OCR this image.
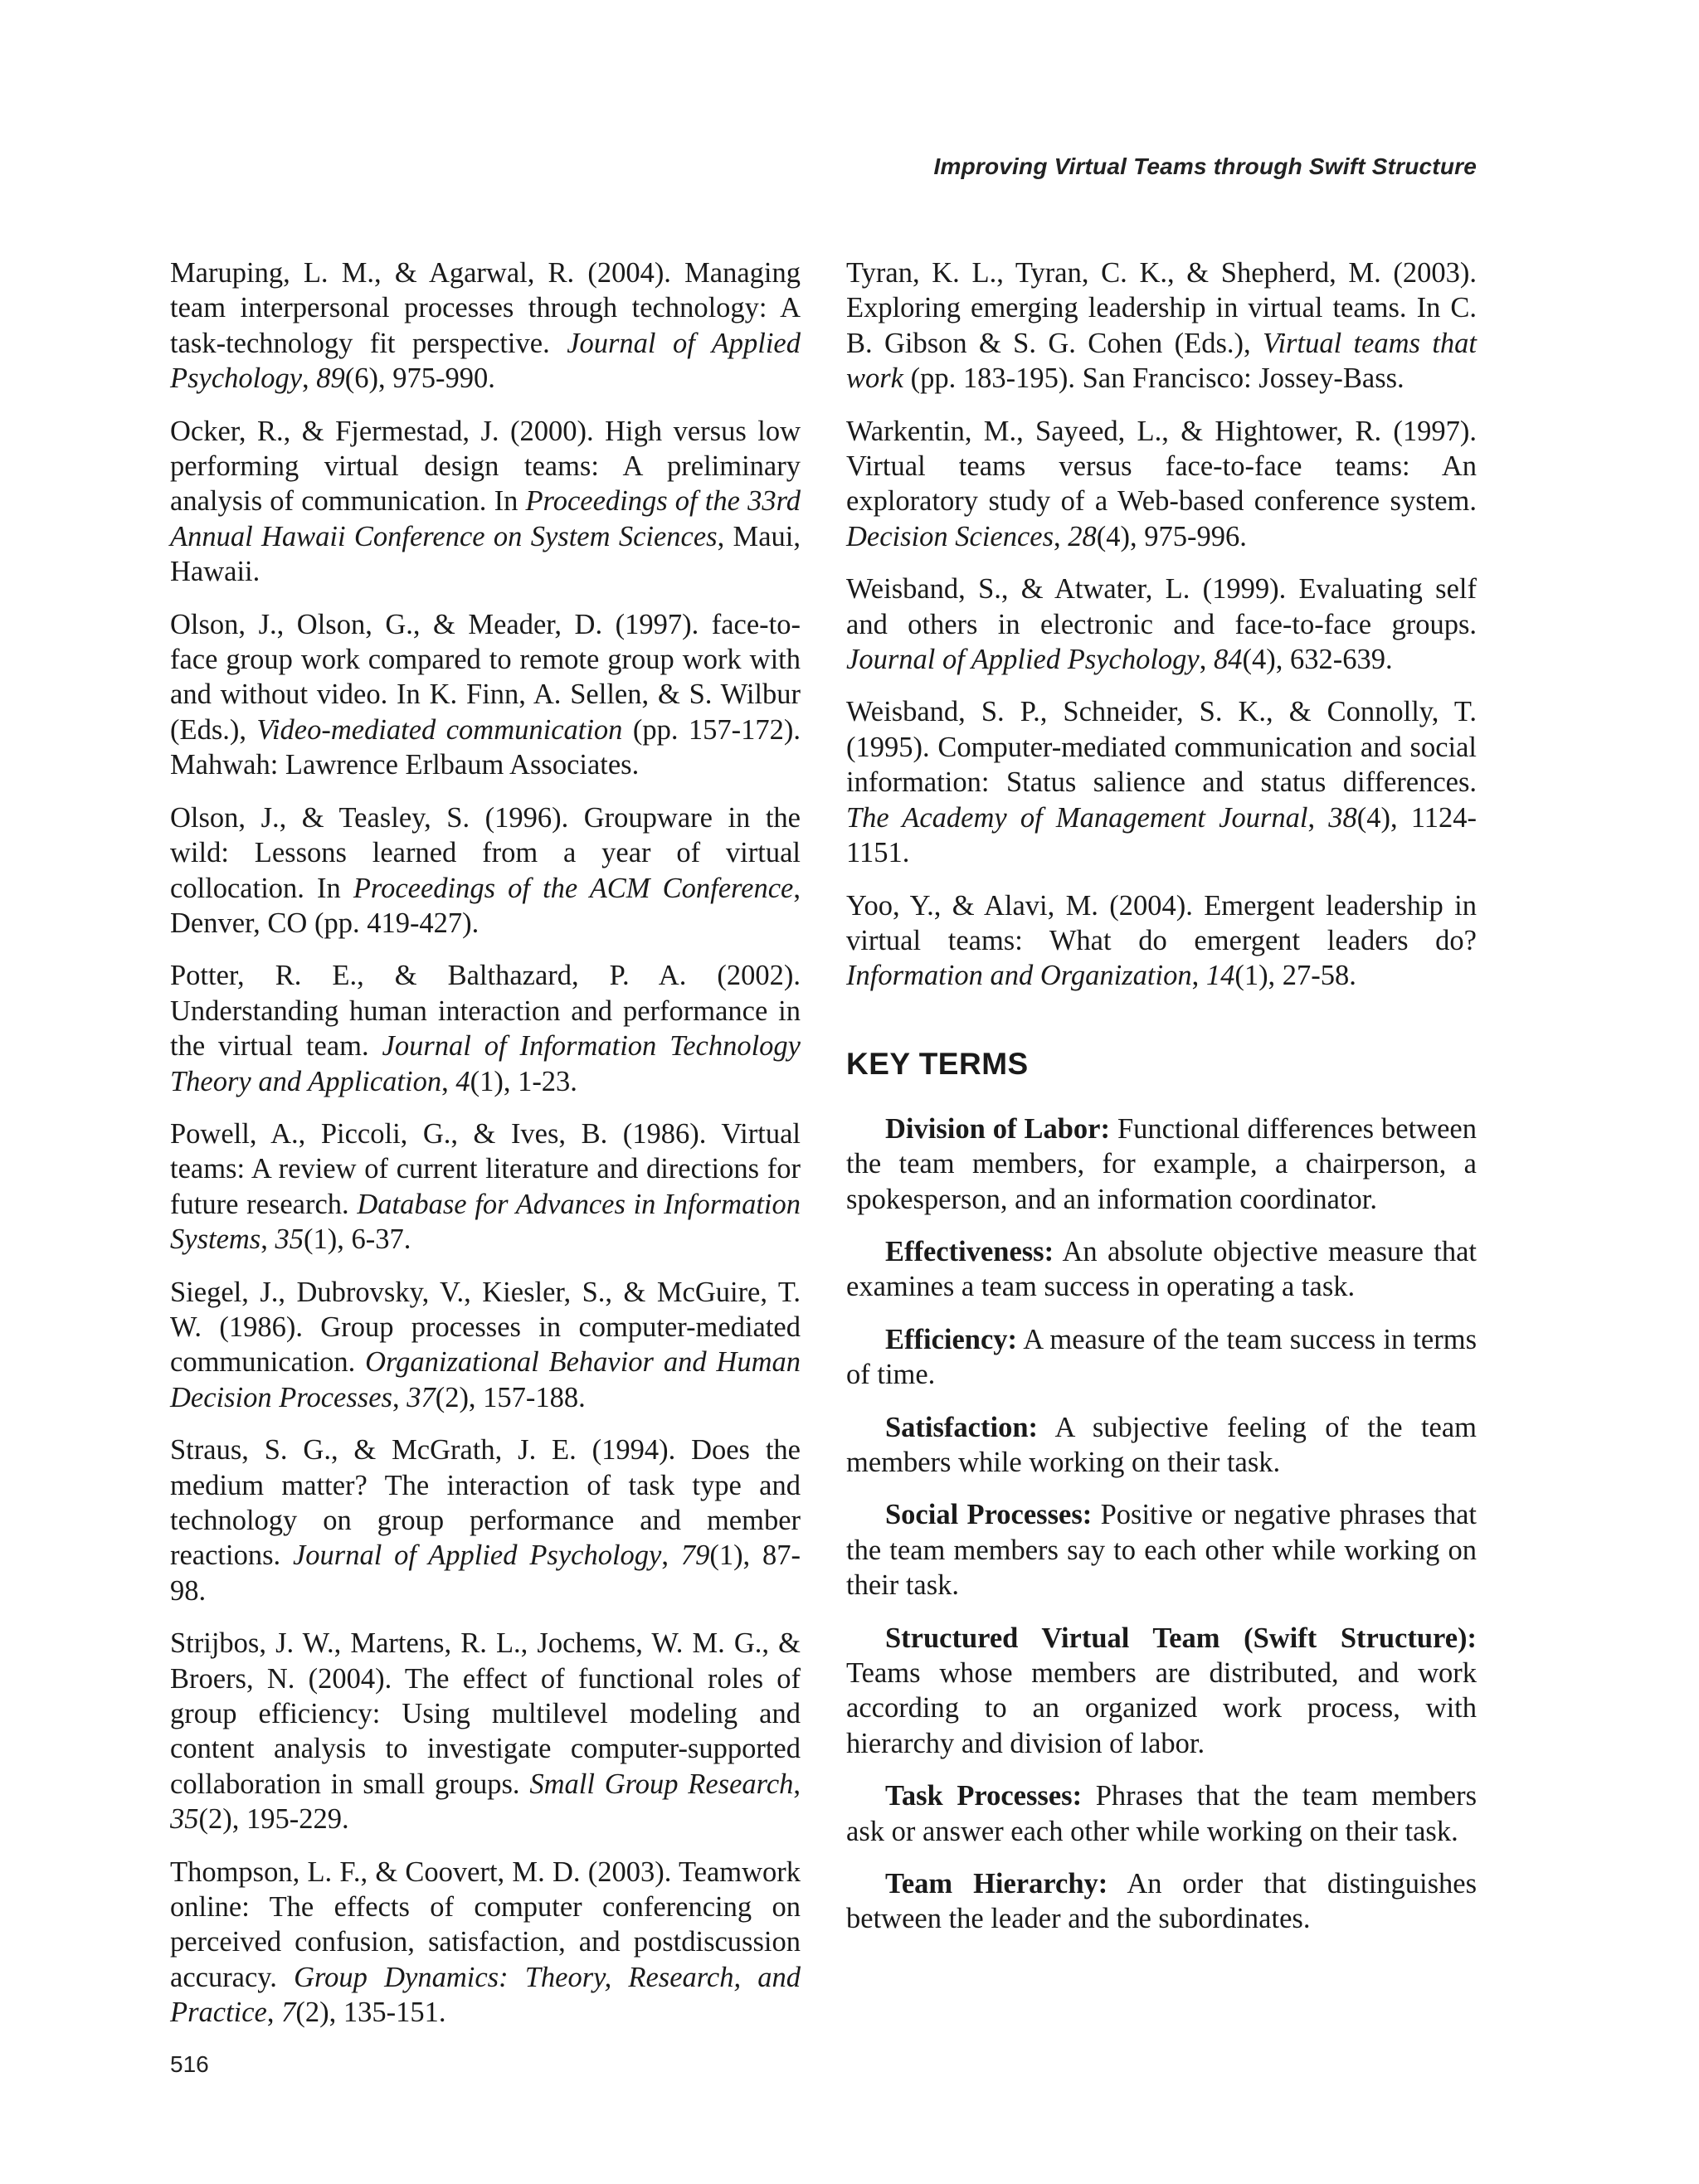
Improving Virtual Teams through Swift Structure

Maruping, L. M., & Agarwal, R. (2004). Managing team interpersonal processes through technology: A task-technology fit perspective. Journal of Applied Psychology, 89(6), 975-990.

Ocker, R., & Fjermestad, J. (2000). High versus low performing virtual design teams: A preliminary analysis of communication. In Proceedings of the 33rd Annual Hawaii Conference on System Sciences, Maui, Hawaii.

Olson, J., Olson, G., & Meader, D. (1997). face-to-face group work compared to remote group work with and without video. In K. Finn, A. Sellen, & S. Wilbur (Eds.), Video-mediated communication (pp. 157-172). Mahwah: Lawrence Erlbaum Associates.

Olson, J., & Teasley, S. (1996). Groupware in the wild: Lessons learned from a year of virtual collocation. In Proceedings of the ACM Conference, Denver, CO (pp. 419-427).

Potter, R. E., & Balthazard, P. A. (2002). Understanding human interaction and performance in the virtual team. Journal of Information Technology Theory and Application, 4(1), 1-23.

Powell, A., Piccoli, G., & Ives, B. (1986). Virtual teams: A review of current literature and directions for future research. Database for Advances in Information Systems, 35(1), 6-37.

Siegel, J., Dubrovsky, V., Kiesler, S., & McGuire, T. W. (1986). Group processes in computer-mediated communication. Organizational Behavior and Human Decision Processes, 37(2), 157-188.

Straus, S. G., & McGrath, J. E. (1994). Does the medium matter? The interaction of task type and technology on group performance and member reactions. Journal of Applied Psychology, 79(1), 87-98.

Strijbos, J. W., Martens, R. L., Jochems, W. M. G., & Broers, N. (2004). The effect of functional roles of group efficiency: Using multilevel modeling and content analysis to investigate computer-supported collaboration in small groups. Small Group Research, 35(2), 195-229.

Thompson, L. F., & Coovert, M. D. (2003). Teamwork online: The effects of computer conferencing on perceived confusion, satisfaction, and postdiscussion accuracy. Group Dynamics: Theory, Research, and Practice, 7(2), 135-151.

Tyran, K. L., Tyran, C. K., & Shepherd, M. (2003). Exploring emerging leadership in virtual teams. In C. B. Gibson & S. G. Cohen (Eds.), Virtual teams that work (pp. 183-195). San Francisco: Jossey-Bass.

Warkentin, M., Sayeed, L., & Hightower, R. (1997). Virtual teams versus face-to-face teams: An exploratory study of a Web-based conference system. Decision Sciences, 28(4), 975-996.

Weisband, S., & Atwater, L. (1999). Evaluating self and others in electronic and face-to-face groups. Journal of Applied Psychology, 84(4), 632-639.

Weisband, S. P., Schneider, S. K., & Connolly, T. (1995). Computer-mediated communication and social information: Status salience and status differences. The Academy of Management Journal, 38(4), 1124-1151.

Yoo, Y., & Alavi, M. (2004). Emergent leadership in virtual teams: What do emergent leaders do? Information and Organization, 14(1), 27-58.

KEY TERMS

Division of Labor: Functional differences between the team members, for example, a chairperson, a spokesperson, and an information coordinator.

Effectiveness: An absolute objective measure that examines a team success in operating a task.

Efficiency: A measure of the team success in terms of time.

Satisfaction: A subjective feeling of the team members while working on their task.

Social Processes: Positive or negative phrases that the team members say to each other while working on their task.

Structured Virtual Team (Swift Structure): Teams whose members are distributed, and work according to an organized work process, with hierarchy and division of labor.

Task Processes: Phrases that the team members ask or answer each other while working on their task.

Team Hierarchy: An order that distinguishes between the leader and the subordinates.

516
